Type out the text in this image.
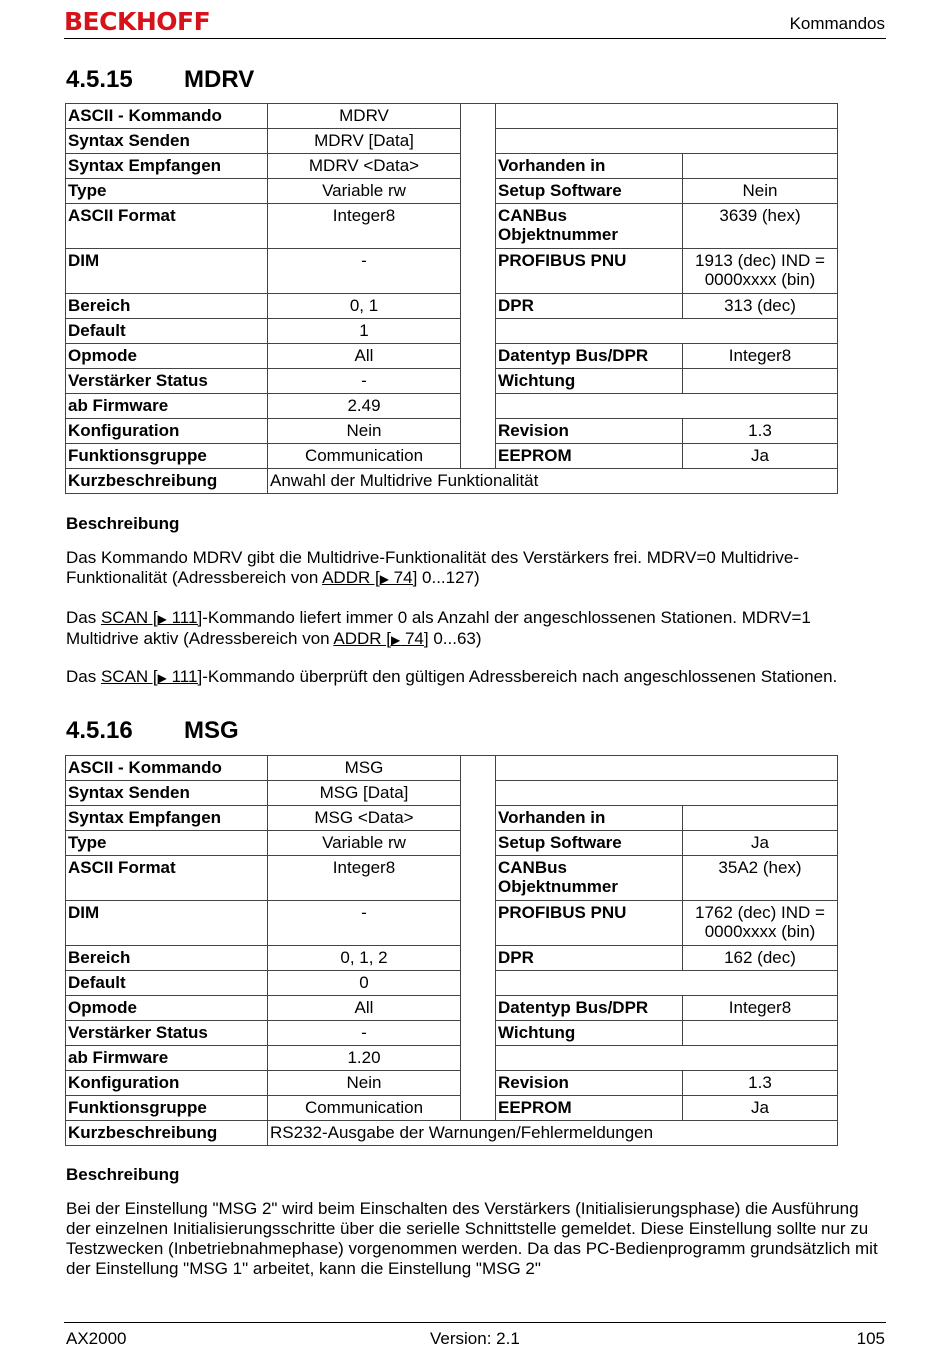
BECKHOFF	Kommandos
4.5.15 MDRV
ASCII - Kommando	MDRV			
Syntax Senden	MDRV [Data]			
Syntax Empfangen	MDRV <Data>		Vorhanden in	
Type	Variable rw		Setup Software	Nein
ASCII Format	Integer8		CANBus Objektnummer	3639 (hex)
DIM	-		PROFIBUS PNU	1913 (dec) IND = 0000xxxx (bin)
Bereich	0, 1		DPR	313 (dec)
Default	1			
Opmode	All		Datentyp Bus/DPR	Integer8
Verstärker Status	-		Wichtung	
ab Firmware	2.49			
Konfiguration	Nein		Revision	1.3
Funktionsgruppe	Communication		EEPROM	Ja
Kurzbeschreibung	Anwahl der Multidrive Funktionalität			
Beschreibung

Das Kommando MDRV gibt die Multidrive-Funktionalität des Verstärkers frei. MDRV=0 Multidrive-Funktionalität (Adressbereich von ADDR [▶ 74] 0...127)

Das SCAN [▶ 111]-Kommando liefert immer 0 als Anzahl der angeschlossenen Stationen. MDRV=1 Multidrive aktiv (Adressbereich von ADDR [▶ 74] 0...63)

Das SCAN [▶ 111]-Kommando überprüft den gültigen Adressbereich nach angeschlossenen Stationen.

4.5.16 MSG
ASCII - Kommando	MSG			
Syntax Senden	MSG [Data]			
Syntax Empfangen	MSG <Data>		Vorhanden in	
Type	Variable rw		Setup Software	Ja
ASCII Format	Integer8		CANBus Objektnummer	35A2 (hex)
DIM	-		PROFIBUS PNU	1762 (dec) IND = 0000xxxx (bin)
Bereich	0, 1, 2		DPR	162 (dec)
Default	0			
Opmode	All		Datentyp Bus/DPR	Integer8
Verstärker Status	-		Wichtung	
ab Firmware	1.20			
Konfiguration	Nein		Revision	1.3
Funktionsgruppe	Communication		EEPROM	Ja
Kurzbeschreibung	RS232-Ausgabe der Warnungen/Fehlermeldungen			
Beschreibung

Bei der Einstellung "MSG 2" wird beim Einschalten des Verstärkers (Initialisierungsphase) die Ausführung der einzelnen Initialisierungsschritte über die serielle Schnittstelle gemeldet. Diese Einstellung sollte nur zu Testzwecken (Inbetriebnahmephase) vorgenommen werden. Da das PC-Bedienprogramm grundsätzlich mit der Einstellung "MSG 1" arbeitet, kann die Einstellung "MSG 2"

AX2000	Version: 2.1	105
